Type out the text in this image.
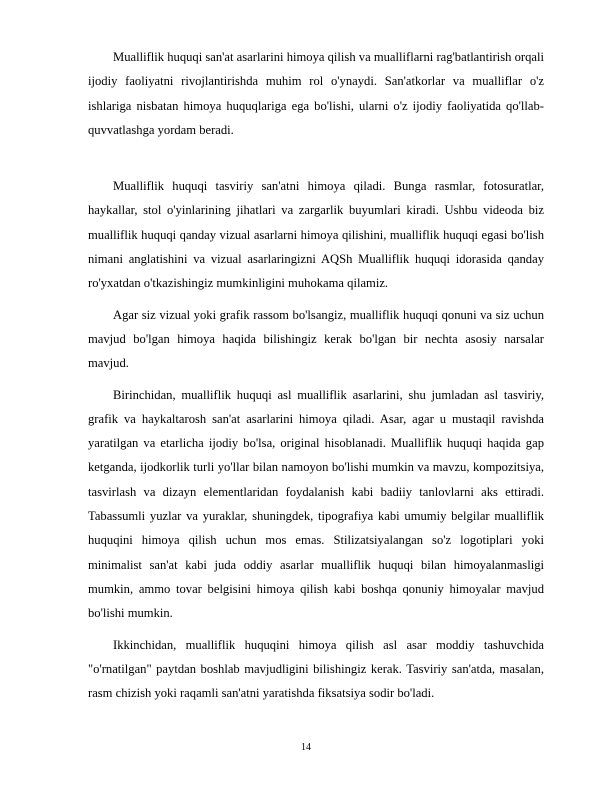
Mualliflik huquqi san'at asarlarini himoya qilish va mualliflarni rag'batlantirish orqali ijodiy faoliyatni rivojlantirishda muhim rol o'ynaydi. San'atkorlar va mualliflar o'z ishlariga nisbatan himoya huquqlariga ega bo'lishi, ularni o'z ijodiy faoliyatida qo'llab-quvvatlashga yordam beradi.

Mualliflik huquqi tasviriy san'atni himoya qiladi. Bunga rasmlar, fotosuratlar, haykallar, stol o'yinlarining jihatlari va zargarlik buyumlari kiradi. Ushbu videoda biz mualliflik huquqi qanday vizual asarlarni himoya qilishini, mualliflik huquqi egasi bo'lish nimani anglatishini va vizual asarlaringizni AQSh Mualliflik huquqi idorasida qanday ro'yxatdan o'tkazishingiz mumkinligini muhokama qilamiz.

Agar siz vizual yoki grafik rassom bo'lsangiz, mualliflik huquqi qonuni va siz uchun mavjud bo'lgan himoya haqida bilishingiz kerak bo'lgan bir nechta asosiy narsalar mavjud.

Birinchidan, mualliflik huquqi asl mualliflik asarlarini, shu jumladan asl tasviriy, grafik va haykaltarosh san'at asarlarini himoya qiladi. Asar, agar u mustaqil ravishda yaratilgan va etarlicha ijodiy bo'lsa, original hisoblanadi. Mualliflik huquqi haqida gap ketganda, ijodkorlik turli yo'llar bilan namoyon bo'lishi mumkin va mavzu, kompozitsiya, tasvirlash va dizayn elementlaridan foydalanish kabi badiiy tanlovlarni aks ettiradi. Tabassumli yuzlar va yuraklar, shuningdek, tipografiya kabi umumiy belgilar mualliflik huquqini himoya qilish uchun mos emas. Stilizatsiyalangan so'z logotiplari yoki minimalist san'at kabi juda oddiy asarlar mualliflik huquqi bilan himoyalanmasligi mumkin, ammo tovar belgisini himoya qilish kabi boshqa qonuniy himoyalar mavjud bo'lishi mumkin.

Ikkinchidan, mualliflik huquqini himoya qilish asl asar moddiy tashuvchida "o'rnatilgan" paytdan boshlab mavjudligini bilishingiz kerak. Tasviriy san'atda, masalan, rasm chizish yoki raqamli san'atni yaratishda fiksatsiya sodir bo'ladi.

14
